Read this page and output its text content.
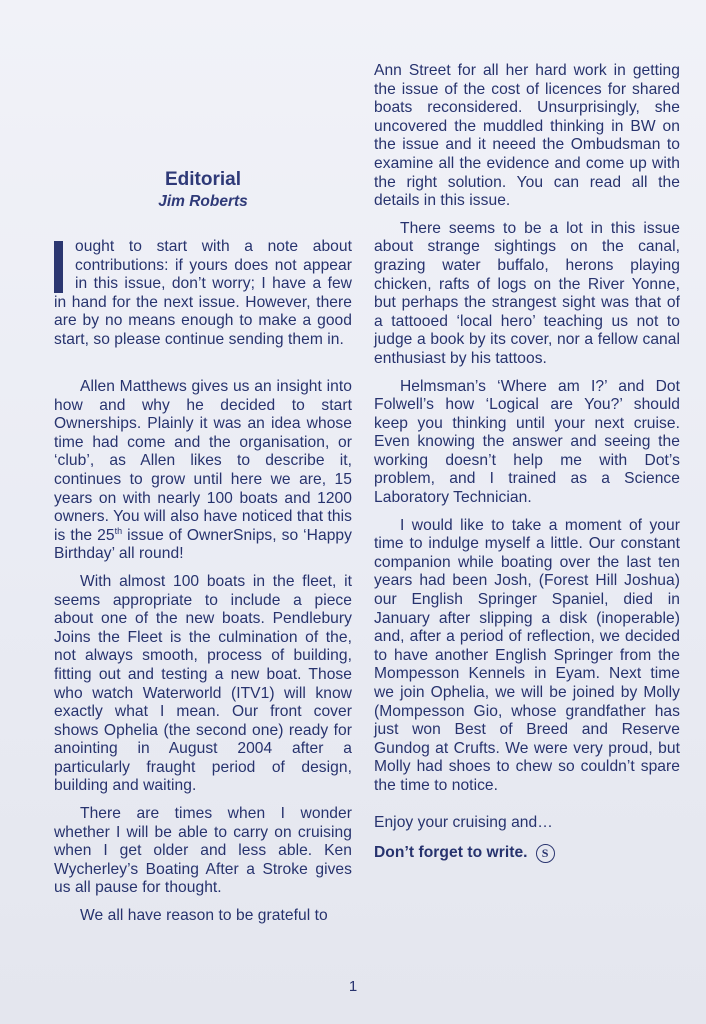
Editorial
Jim Roberts

ought to start with a note about contributions: if yours does not appear in this issue, don’t worry; I have a few in hand for the next issue. However, there are by no means enough to make a good start, so please continue sending them in.

Allen Matthews gives us an insight into how and why he decided to start Ownerships. Plainly it was an idea whose time had come and the organisation, or ‘club’, as Allen likes to describe it, continues to grow until here we are, 15 years on with nearly 100 boats and 1200 owners. You will also have noticed that this is the 25th issue of OwnerSnips, so ‘Happy Birthday’ all round!

With almost 100 boats in the fleet, it seems appropriate to include a piece about one of the new boats. Pendlebury Joins the Fleet is the culmination of the, not always smooth, process of building, fitting out and testing a new boat. Those who watch Waterworld (ITV1) will know exactly what I mean. Our front cover shows Ophelia (the second one) ready for anointing in August 2004 after a particularly fraught period of design, building and waiting.

There are times when I wonder whether I will be able to carry on cruising when I get older and less able. Ken Wycherley’s Boating After a Stroke gives us all pause for thought.

We all have reason to be grateful to

Ann Street for all her hard work in getting the issue of the cost of licences for shared boats reconsidered. Unsurprisingly, she uncovered the muddled thinking in BW on the issue and it neeed the Ombudsman to examine all the evidence and come up with the right solution. You can read all the details in this issue.

There seems to be a lot in this issue about strange sightings on the canal, grazing water buffalo, herons playing chicken, rafts of logs on the River Yonne, but perhaps the strangest sight was that of a tattooed ‘local hero’ teaching us not to judge a book by its cover, nor a fellow canal enthusiast by his tattoos.

Helmsman’s ‘Where am I?’ and Dot Folwell’s how ‘Logical are You?’ should keep you thinking until your next cruise. Even knowing the answer and seeing the working doesn’t help me with Dot’s problem, and I trained as a Science Laboratory Technician.

I would like to take a moment of your time to indulge myself a little. Our constant companion while boating over the last ten years had been Josh, (Forest Hill Joshua) our English Springer Spaniel, died in January after slipping a disk (inoperable) and, after a period of reflection, we decided to have another English Springer from the Mompesson Kennels in Eyam. Next time we join Ophelia, we will be joined by Molly (Mompesson Gio, whose grandfather has just won Best of Breed and Reserve Gundog at Crufts. We were very proud, but Molly had shoes to chew so couldn’t spare the time to notice.

Enjoy your cruising and…

Don’t forget to write.	S

1
